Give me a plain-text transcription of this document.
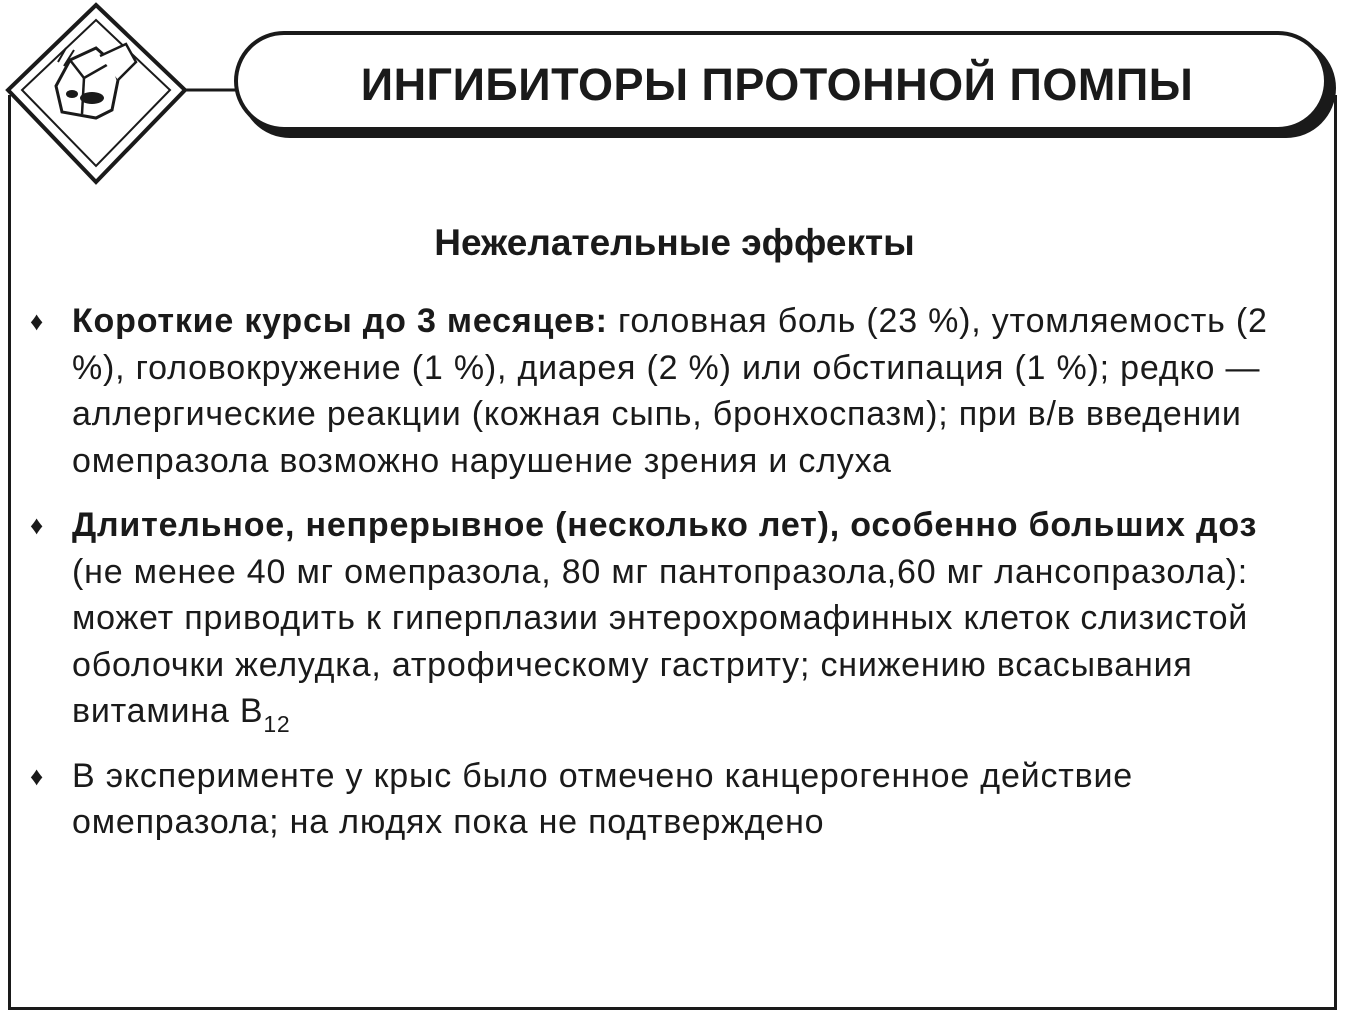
ИНГИБИТОРЫ ПРОТОННОЙ ПОМПЫ
Нежелательные эффекты
♦ Короткие курсы до 3 месяцев: головная боль (23 %), утомляемость (2 %), головокружение (1 %), диарея (2 %) или обстипация (1 %); редко — аллергические реакции (кожная сыпь, бронхоспазм); при в/в введении омепразола возможно нарушение зрения и слуха
♦ Длительное, непрерывное (несколько лет), особенно больших доз (не менее 40 мг омепразола, 80 мг пантопразола,60 мг лансопразола): может приводить к гиперплазии энтерохромафинных клеток слизистой оболочки желудка, атрофическому гастриту; снижению всасывания витамина $B_{12}$
♦ В эксперименте у крыс было отмечено канцерогенное действие омепразола; на людях пока не подтверждено
